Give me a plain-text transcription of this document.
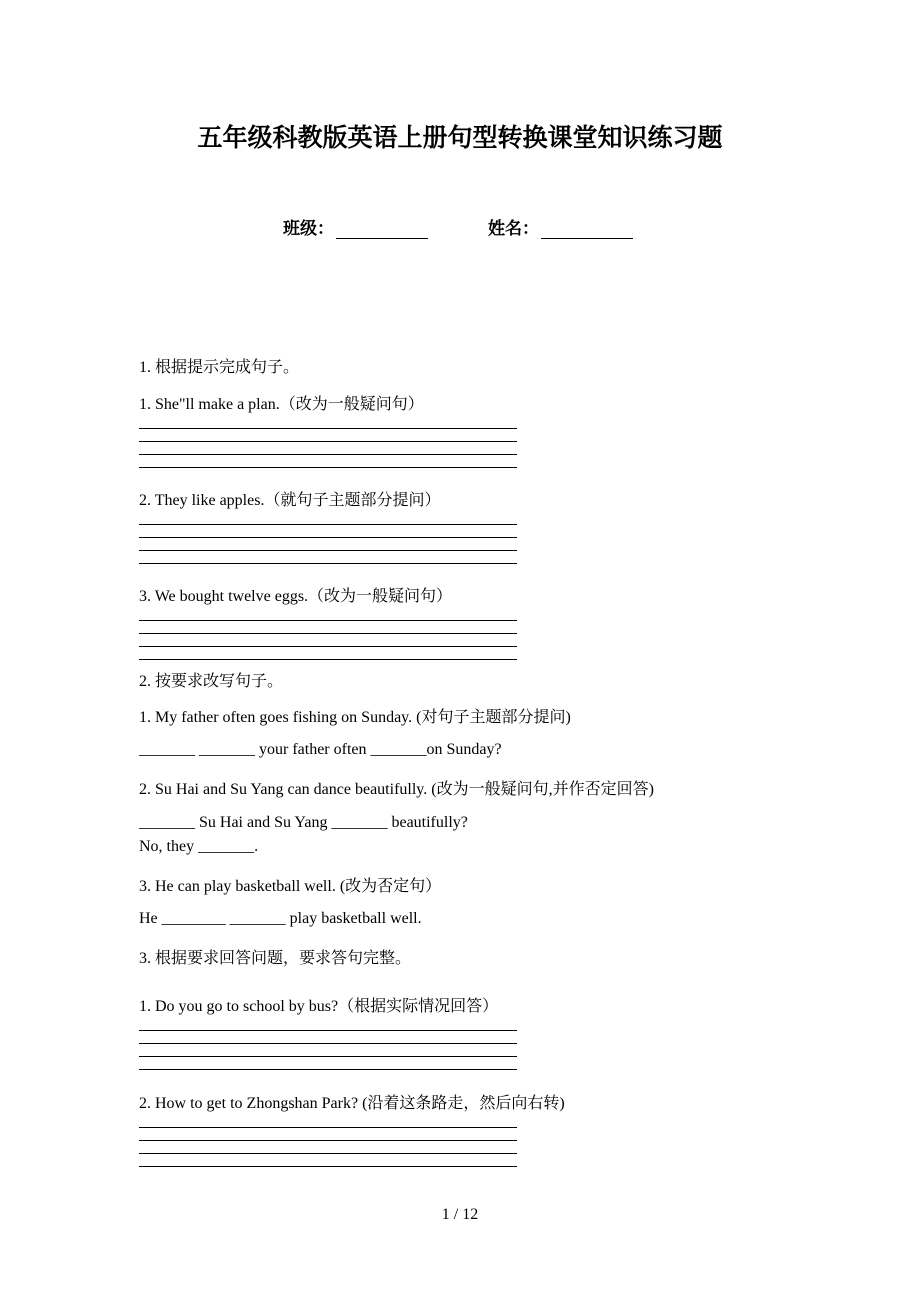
五年级科教版英语上册句型转换课堂知识练习题
班级：	姓名：
1. 根据提示完成句子。
1. She"ll make a plan.（改为一般疑问句）
2. They like apples.（就句子主题部分提问）
3. We bought twelve eggs.（改为一般疑问句）
2. 按要求改写句子。
1. My father often goes fishing on Sunday. (对句子主题部分提问)
_______ _______ your father often _______on Sunday?
2. Su Hai and Su Yang can dance beautifully. (改为一般疑问句,并作否定回答)
_______ Su Hai and Su Yang _______ beautifully?
No, they _______.
3. He can play basketball well. (改为否定句）
He ________ _______ play basketball well.
3. 根据要求回答问题，要求答句完整。
1. Do you go to school by bus?（根据实际情况回答）
2. How to get to Zhongshan Park? (沿着这条路走，然后向右转)
1 / 12
